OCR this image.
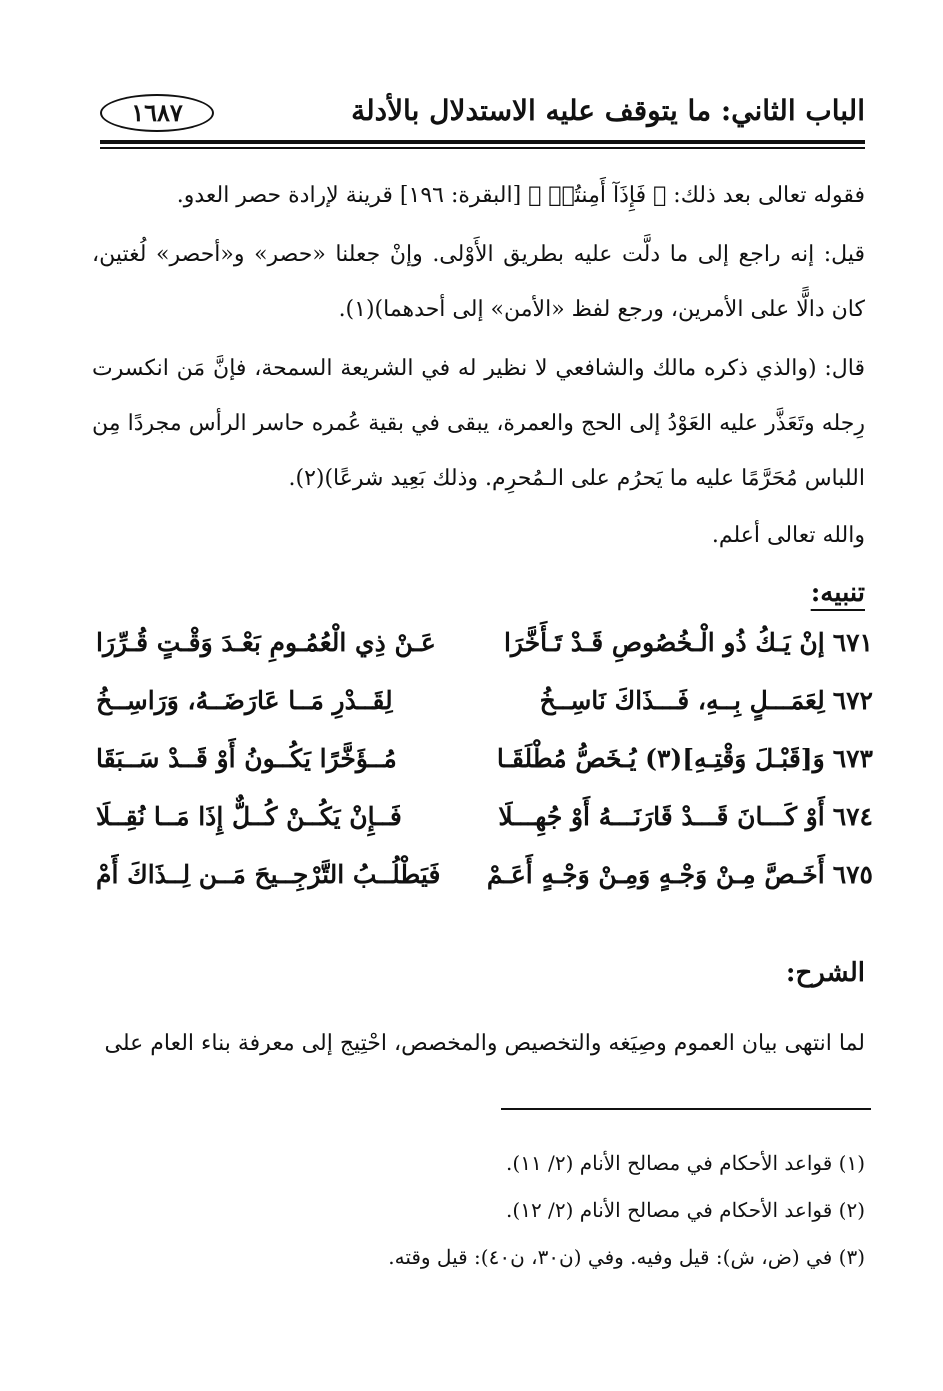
الباب الثاني: ما يتوقف عليه الاستدلال بالأدلة
١٦٨٧

فقوله تعالى بعد ذلك: ﴿ فَإِذَآ أَمِنتُمۡ ﴾ [البقرة: ١٩٦] قرينة لإرادة حصر العدو.

قيل: إنه راجع إلى ما دلَّت عليه بطريق الأَوْلى. وإنْ جعلنا «حصر» و«أحصر» لُغتين، كان دالًّا على الأمرين، ورجع لفظ «الأمن» إلى أحدهما)(١).

قال: (والذي ذكره مالك والشافعي لا نظير له في الشريعة السمحة، فإنَّ مَن انكسرت رِجله وتَعَذَّر عليه العَوْدُ إلى الحج والعمرة، يبقى في بقية عُمره حاسر الرأس مجردًا مِن اللباس مُحَرَّمًا عليه ما يَحرُم على الـمُحرِم. وذلك بَعِيد شرعًا)(٢).

والله تعالى أعلم.

تنبيه:
٦٧١إنْ يَـكُ ذُو الْـخُصُوصِ قَـدْ تَـأَخَّرَا
عَـنْ ذِي الْعُمُـومِ بَعْـدَ وَقْـتٍ قُـرِّرَا
٦٧٢لِعَمَـــلٍ بِــهِ، فَـــذَاكَ نَاسِــخُ
لِقَــدْرِ مَــا عَارَضَــهُ، وَرَاسِــخُ
٦٧٣وَ[قَبْـلَ وَقْتِـهِ](٣) يُـخَصُّ مُطْلَقَـا
مُــؤَخَّرًا يَكُــونُ أَوْ قَــدْ سَــبَقَا
٦٧٤أَوْ كَـــانَ قَـــدْ قَارَنَـــهُ أَوْ جُهِـــلَا
فَــإِنْ يَكُــنْ كُــلٌّ إِذَا مَــا نُقِــلَا
٦٧٥أَخَـصَّ مِـنْ وَجْـهٍ وَمِـنْ وَجْـهٍ أَعَـمْ
فَيَطْلُــبُ التَّرْجِــيحَ مَــن لِــذَاكَ أَمْ
الشرح:

لما انتهى بيان العموم وصِيَغه والتخصيص والمخصص، احْتِيج إلى معرفة بناء العام على

(١) قواعد الأحكام في مصالح الأنام (٢/ ١١).

(٢) قواعد الأحكام في مصالح الأنام (٢/ ١٢).

(٣) في (ض، ش): قيل وفيه. وفي (ن٣٠، ن٤٠): قيل وقته.
